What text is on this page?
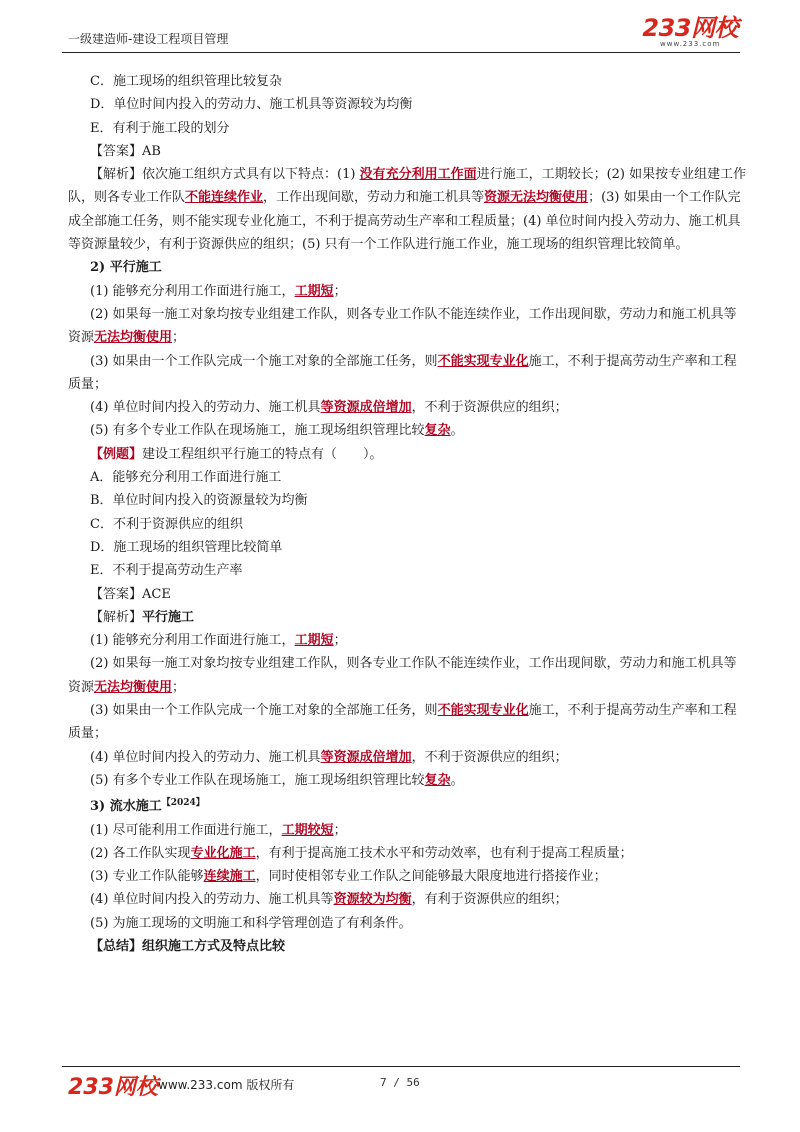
一级建造师-建设工程项目管理	233网校
www.233.com

C．施工现场的组织管理比较复杂

D．单位时间内投入的劳动力、施工机具等资源较为均衡

E．有利于施工段的划分

【答案】AB

【解析】依次施工组织方式具有以下特点：(1) 没有充分利用工作面进行施工，工期较长；(2) 如果按专业组建工作队，则各专业工作队不能连续作业，工作出现间歇，劳动力和施工机具等资源无法均衡使用；(3) 如果由一个工作队完成全部施工任务，则不能实现专业化施工，不利于提高劳动生产率和工程质量；(4) 单位时间内投入劳动力、施工机具等资源量较少，有利于资源供应的组织；(5) 只有一个工作队进行施工作业，施工现场的组织管理比较简单。

2) 平行施工

(1) 能够充分利用工作面进行施工，工期短；

(2) 如果每一施工对象均按专业组建工作队，则各专业工作队不能连续作业，工作出现间歇，劳动力和施工机具等资源无法均衡使用；

(3) 如果由一个工作队完成一个施工对象的全部施工任务，则不能实现专业化施工，不利于提高劳动生产率和工程质量；

(4) 单位时间内投入的劳动力、施工机具等资源成倍增加，不利于资源供应的组织；

(5) 有多个专业工作队在现场施工，施工现场组织管理比较复杂。

【例题】建设工程组织平行施工的特点有（　　）。

A．能够充分利用工作面进行施工

B．单位时间内投入的资源量较为均衡

C．不利于资源供应的组织

D．施工现场的组织管理比较简单

E．不利于提高劳动生产率

【答案】ACE

【解析】平行施工

(1) 能够充分利用工作面进行施工，工期短；

(2) 如果每一施工对象均按专业组建工作队，则各专业工作队不能连续作业，工作出现间歇，劳动力和施工机具等资源无法均衡使用；

(3) 如果由一个工作队完成一个施工对象的全部施工任务，则不能实现专业化施工，不利于提高劳动生产率和工程质量；

(4) 单位时间内投入的劳动力、施工机具等资源成倍增加，不利于资源供应的组织；

(5) 有多个专业工作队在现场施工，施工现场组织管理比较复杂。

3) 流水施工$^{【2024】}$

(1) 尽可能利用工作面进行施工，工期较短；

(2) 各工作队实现专业化施工，有利于提高施工技术水平和劳动效率，也有利于提高工程质量；

(3) 专业工作队能够连续施工，同时使相邻专业工作队之间能够最大限度地进行搭接作业；

(4) 单位时间内投入的劳动力、施工机具等资源较为均衡，有利于资源供应的组织；

(5) 为施工现场的文明施工和科学管理创造了有利条件。

【总结】组织施工方式及特点比较

233网校 www.233.com 版权所有	7 / 56
